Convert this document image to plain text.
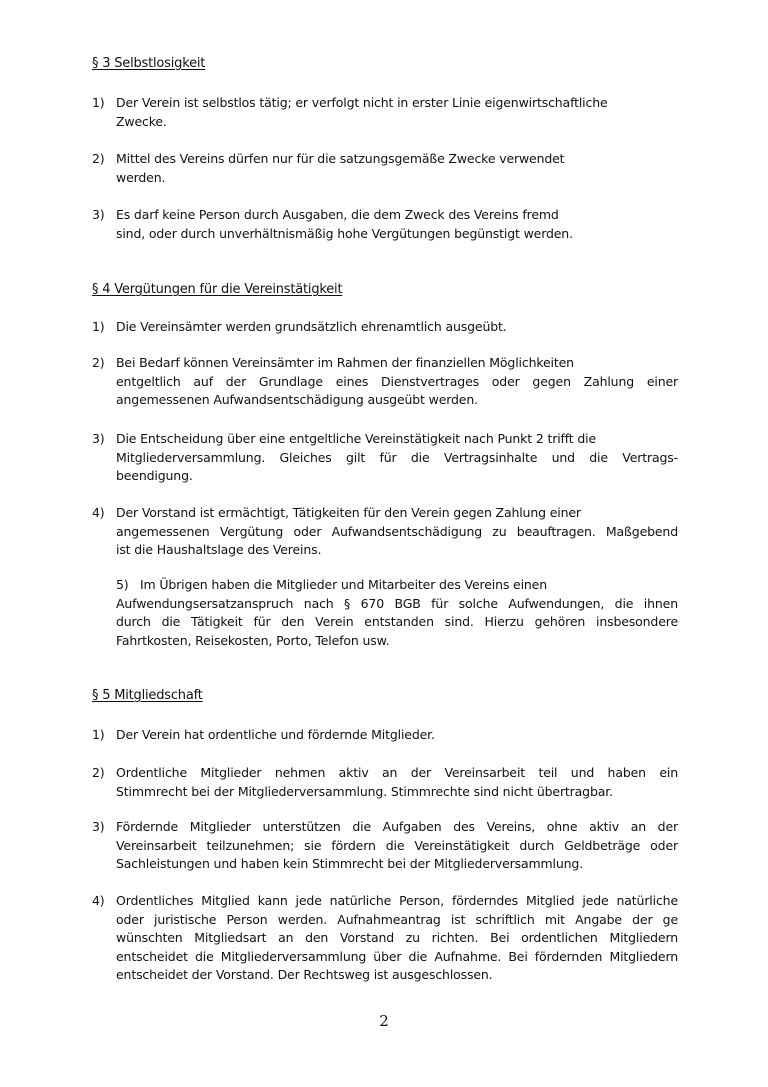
§ 3 Selbstlosigkeit
1) Der Verein ist selbstlos tätig; er verfolgt nicht in erster Linie eigenwirtschaftliche
Zwecke.
2) Mittel des Vereins dürfen nur für die satzungsgemäße Zwecke verwendet
werden.
3) Es darf keine Person durch Ausgaben, die dem Zweck des Vereins fremd
sind, oder durch unverhältnismäßig hohe Vergütungen begünstigt werden.
§ 4 Vergütungen für die Vereinstätigkeit
1) Die Vereinsämter werden grundsätzlich ehrenamtlich ausgeübt.
2) Bei Bedarf können Vereinsämter im Rahmen der finanziellen Möglichkeiten
entgeltlich auf der Grundlage eines Dienstvertrages oder gegen Zahlung einer
angemessenen Aufwandsentschädigung ausgeübt werden.
3) Die Entscheidung über eine entgeltliche Vereinstätigkeit nach Punkt 2 trifft die
Mitgliederversammlung. Gleiches gilt für die Vertragsinhalte und die Vertrags-
beendigung.
4) Der Vorstand ist ermächtigt, Tätigkeiten für den Verein gegen Zahlung einer
angemessenen Vergütung oder Aufwandsentschädigung zu beauftragen. Maßgebend
ist die Haushaltslage des Vereins.
5) Im Übrigen haben die Mitglieder und Mitarbeiter des Vereins einen
Aufwendungsersatzanspruch nach § 670 BGB für solche Aufwendungen, die ihnen
durch die Tätigkeit für den Verein entstanden sind. Hierzu gehören insbesondere
Fahrtkosten, Reisekosten, Porto, Telefon usw.
§ 5 Mitgliedschaft
1) Der Verein hat ordentliche und fördernde Mitglieder.
2) Ordentliche Mitglieder nehmen aktiv an der Vereinsarbeit teil und haben ein
Stimmrecht bei der Mitgliederversammlung. Stimmrechte sind nicht übertragbar.
3) Fördernde Mitglieder unterstützen die Aufgaben des Vereins, ohne aktiv an der
Vereinsarbeit teilzunehmen; sie fördern die Vereinstätigkeit durch Geldbeträge oder
Sachleistungen und haben kein Stimmrecht bei der Mitgliederversammlung.
4) Ordentliches Mitglied kann jede natürliche Person, förderndes Mitglied jede natürliche
oder juristische Person werden. Aufnahmeantrag ist schriftlich mit Angabe der ge
wünschten Mitgliedsart an den Vorstand zu richten. Bei ordentlichen Mitgliedern
entscheidet die Mitgliederversammlung über die Aufnahme. Bei fördernden Mitgliedern
entscheidet der Vorstand. Der Rechtsweg ist ausgeschlossen.
2
